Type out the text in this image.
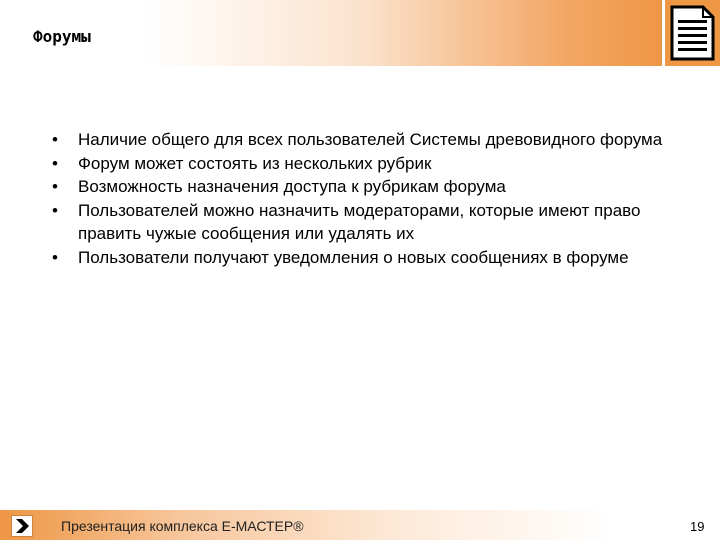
Форумы
• Наличие общего для всех пользователей Системы древовидного форума
• Форум может состоять из нескольких рубрик
• Возможность назначения доступа к рубрикам форума
• Пользователей можно назначить модераторами, которые имеют право править чужые сообщения или удалять их
• Пользователи получают уведомления о новых сообщениях в форуме
Презентация комплекса Е-МАСТЕР®	19
